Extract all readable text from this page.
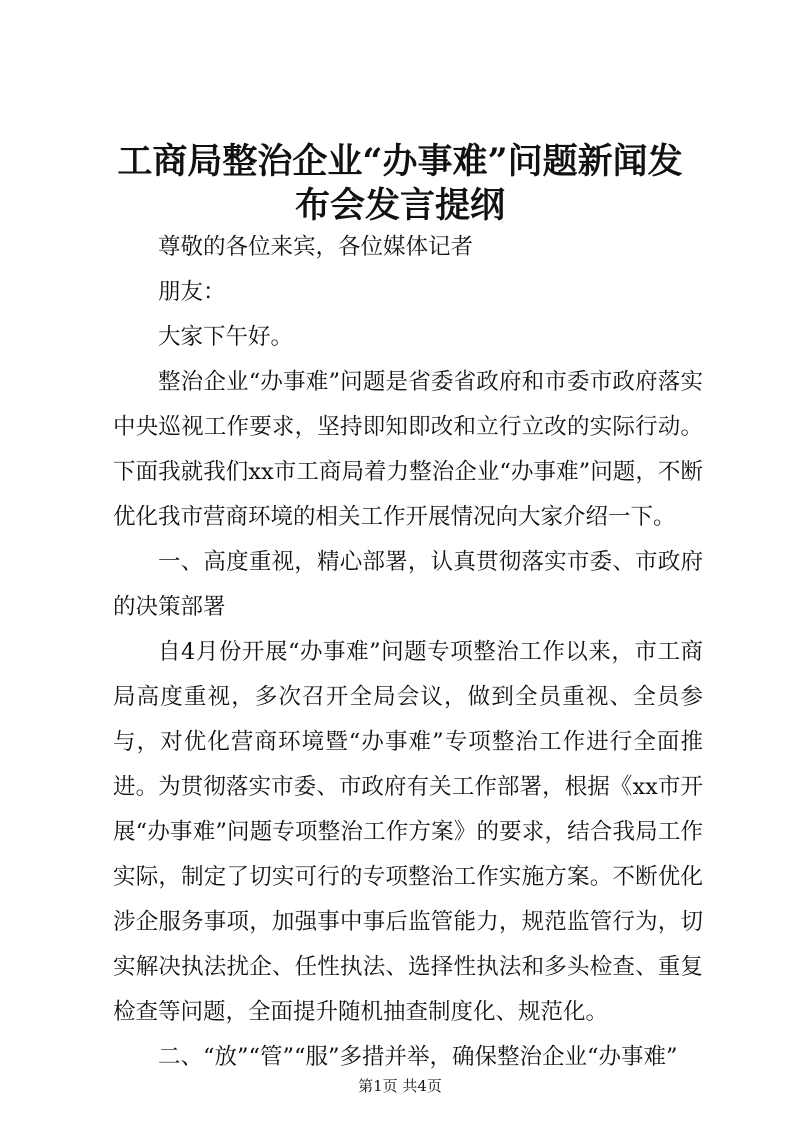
工商局整治企业“办事难”问题新闻发布会发言提纲

尊敬的各位来宾，各位媒体记者

朋友：

大家下午好。

整治企业“办事难”问题是省委省政府和市委市政府落实中央巡视工作要求，坚持即知即改和立行立改的实际行动。下面我就我们xx市工商局着力整治企业“办事难”问题，不断优化我市营商环境的相关工作开展情况向大家介绍一下。

一、高度重视，精心部署，认真贯彻落实市委、市政府的决策部署

自4月份开展“办事难”问题专项整治工作以来，市工商局高度重视，多次召开全局会议，做到全员重视、全员参与，对优化营商环境暨“办事难”专项整治工作进行全面推进。为贯彻落实市委、市政府有关工作部署，根据《xx市开展“办事难”问题专项整治工作方案》的要求，结合我局工作实际，制定了切实可行的专项整治工作实施方案。不断优化涉企服务事项，加强事中事后监管能力，规范监管行为，切实解决执法扰企、任性执法、选择性执法和多头检查、重复检查等问题，全面提升随机抽查制度化、规范化。

二、“放”“管”“服”多措并举，确保整治企业“办事难”

第1页 共4页
